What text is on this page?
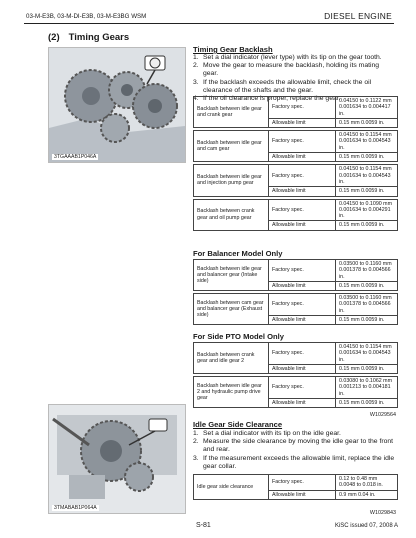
03-M-E3B, 03-M-DI-E3B, 03-M-E3BG WSM	DIESEL ENGINE
(2) Timing Gears
3TGAAAB1P046A
3TMABAB1P064A
Timing Gear Backlash
1. Set a dial indicator (lever type) with its tip on the gear tooth.
2. Move the gear to measure the backlash, holding its mating gear.
3. If the backlash exceeds the allowable limit, check the oil clearance of the shafts and the gear.
4. If the oil clearance is proper, replace the gear.
Backlash between idle gear and crank gear	Factory spec.	0.04150 to 0.1122 mm 0.001634 to 0.004417 in.
	Allowable limit	0.15 mm 0.0059 in.

Backlash between idle gear and cam gear	Factory spec.	0.04150 to 0.1154 mm 0.001634 to 0.004543 in.
	Allowable limit	0.15 mm 0.0059 in.

Backlash between idle gear and injection pump gear	Factory spec.	0.04150 to 0.1154 mm 0.001634 to 0.004543 in.
	Allowable limit	0.15 mm 0.0059 in.

Backlash between crank gear and oil pump gear	Factory spec.	0.04150 to 0.1090 mm 0.001634 to 0.004291 in.
	Allowable limit	0.15 mm 0.0059 in.
For Balancer Model Only
Backlash between idle gear and balancer gear (Intake side)	Factory spec.	0.03500 to 0.1160 mm 0.001378 to 0.004566 in.
	Allowable limit	0.15 mm 0.0059 in.

Backlash between cam gear and balancer gear (Exhaust side)	Factory spec.	0.03500 to 0.1160 mm 0.001378 to 0.004566 in.
	Allowable limit	0.15 mm 0.0059 in.
For Side PTO Model Only
Backlash between crank gear and idle gear 2	Factory spec.	0.04150 to 0.1154 mm 0.001634 to 0.004543 in.
	Allowable limit	0.15 mm 0.0059 in.

Backlash between idle gear 2 and hydraulic pump drive gear	Factory spec.	0.03080 to 0.1062 mm 0.001213 to 0.004181 in.
	Allowable limit	0.15 mm 0.0059 in.
W1029564
Idle Gear Side Clearance
1. Set a dial indicator with its tip on the idle gear.
2. Measure the side clearance by moving the idle gear to the front and rear.
3. If the measurement exceeds the allowable limit, replace the idle gear collar.
Idle gear side clearance	Factory spec.	0.12 to 0.48 mm 0.0048 to 0.018 in.
	Allowable limit	0.9 mm 0.04 in.
W1029843
S-81	KiSC issued 07, 2008 A
